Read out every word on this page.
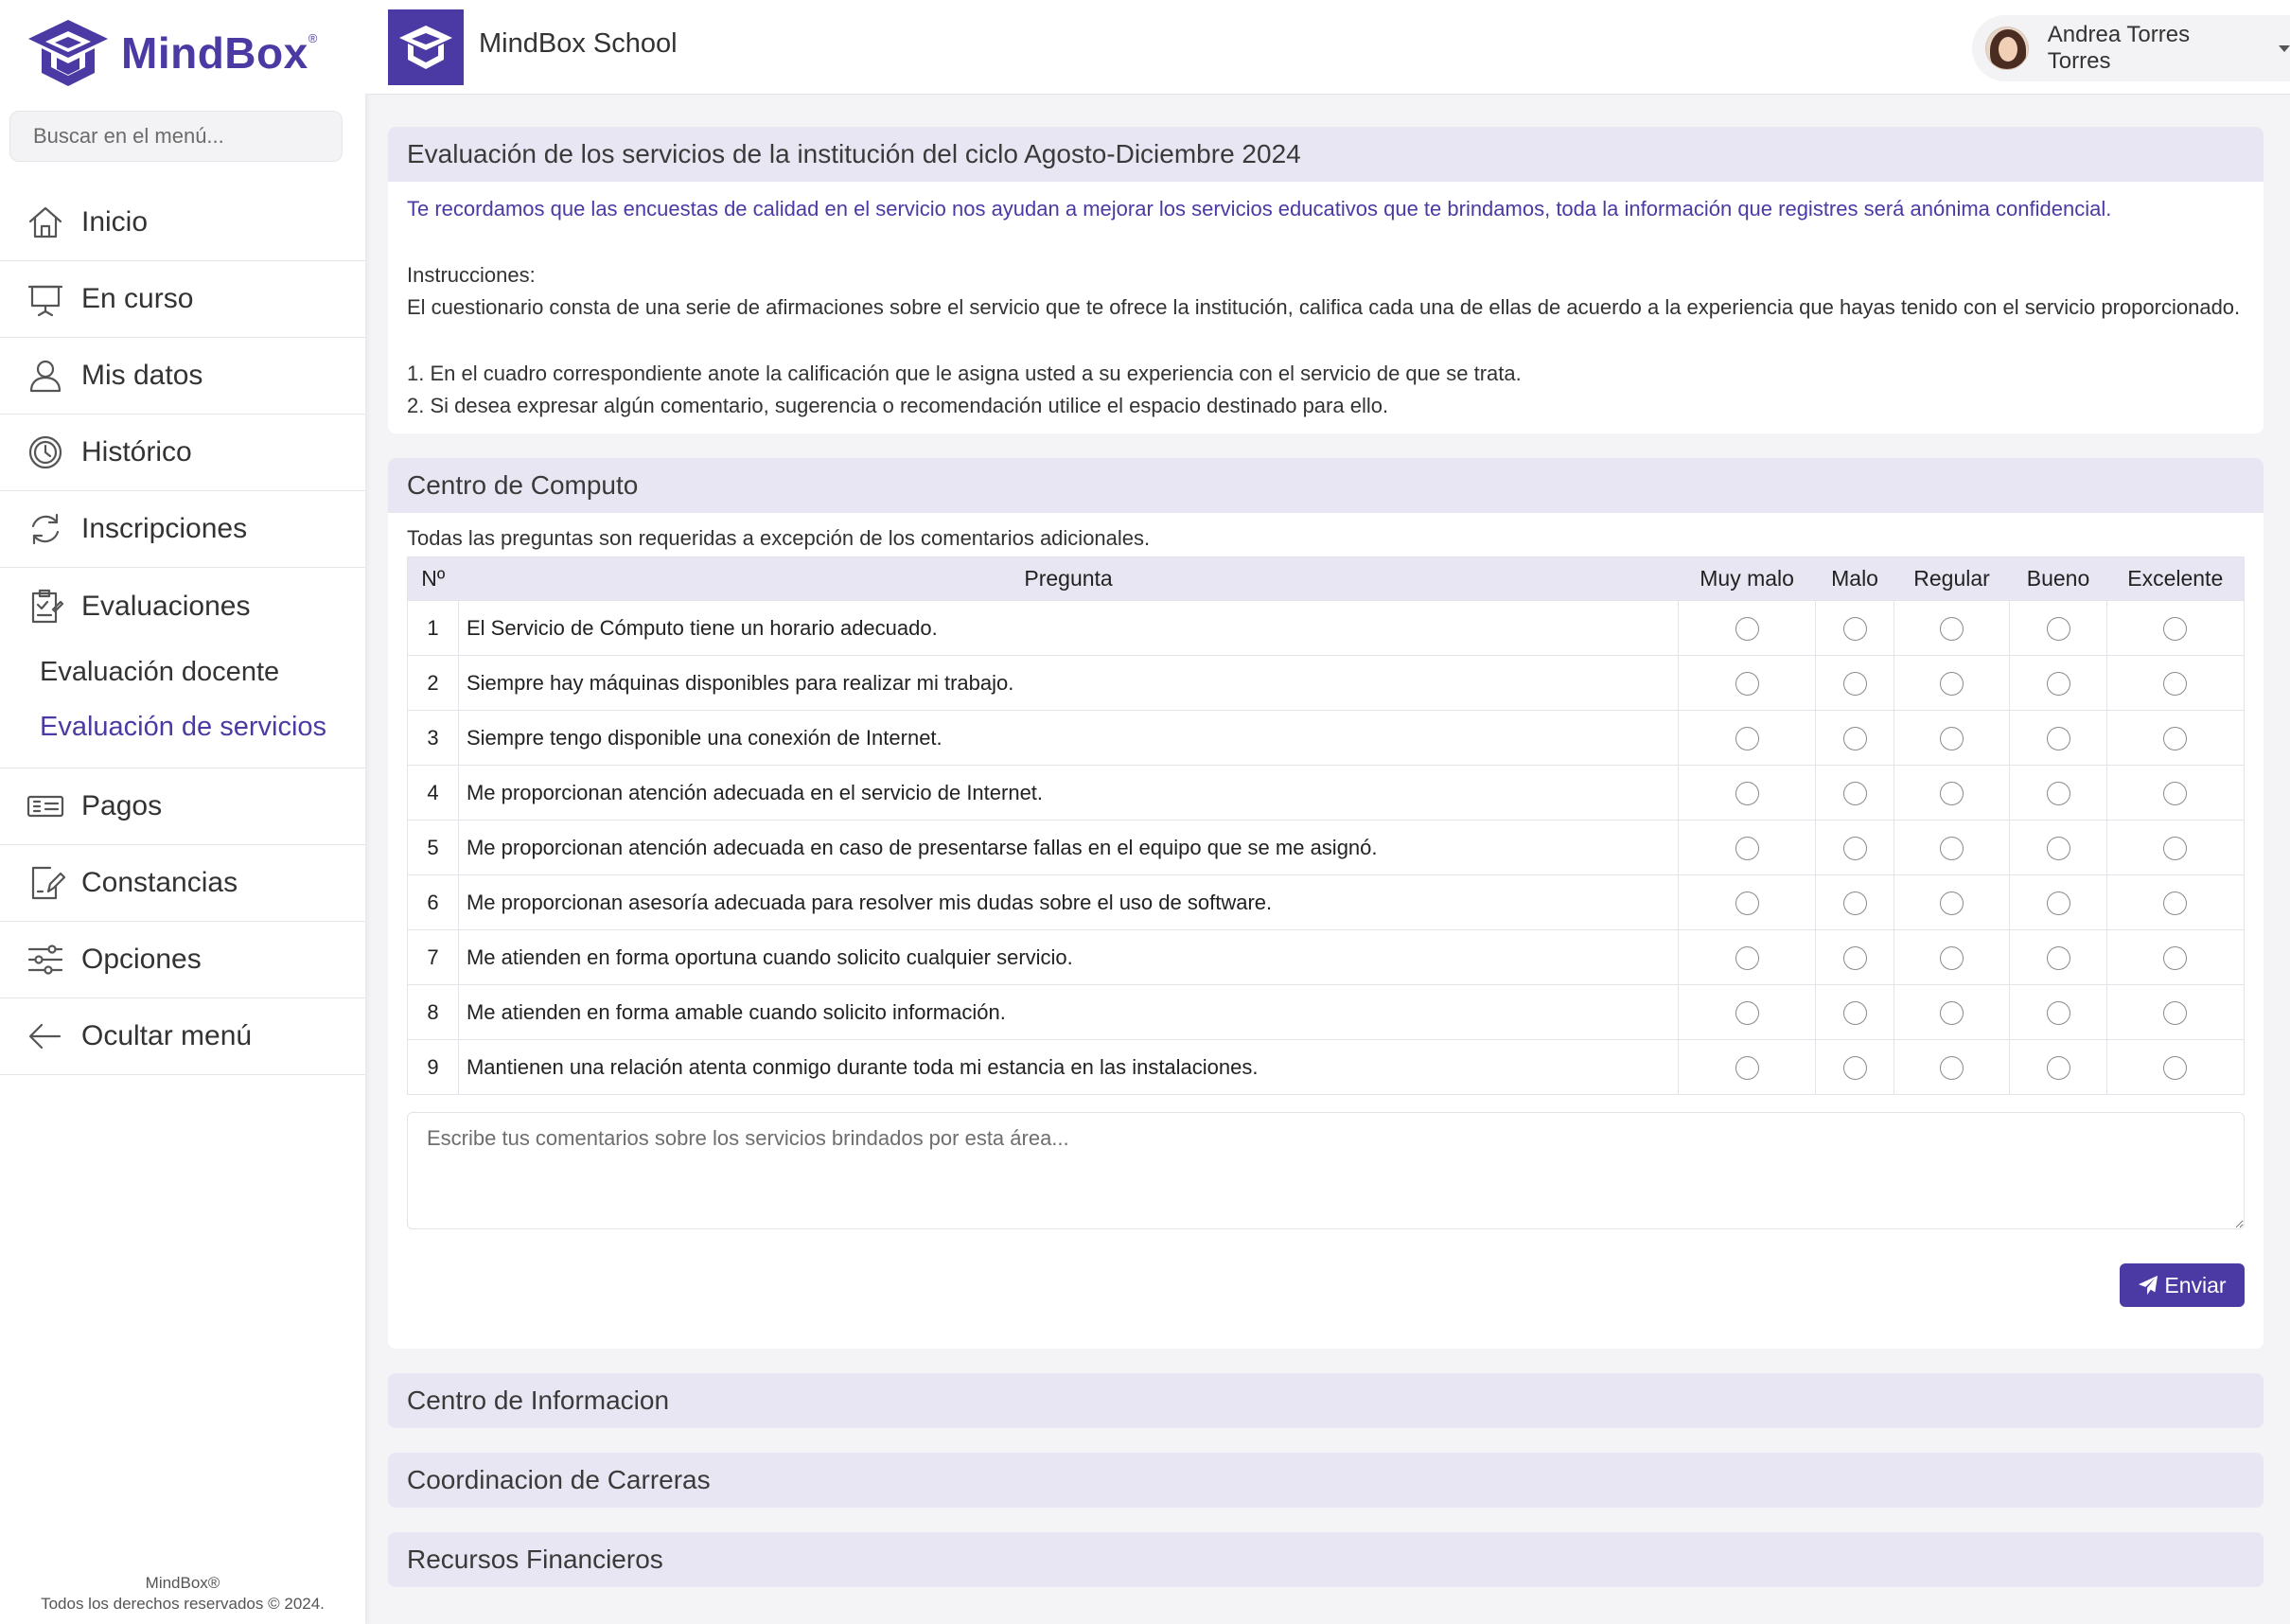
MindBox®
Buscar en el menú...
Inicio
En curso
Mis datos
Histórico
Inscripciones
Evaluaciones
Evaluación docente
Evaluación de servicios
Pagos
Constancias
Opciones
Ocultar menú
MindBox®
Todos los derechos reservados © 2024.
MindBox School	Andrea Torres Torres
Evaluación de los servicios de la institución del ciclo Agosto-Diciembre 2024

Te recordamos que las encuestas de calidad en el servicio nos ayudan a mejorar los servicios educativos que te brindamos, toda la información que registres será anónima confidencial.

Instrucciones:

El cuestionario consta de una serie de afirmaciones sobre el servicio que te ofrece la institución, califica cada una de ellas de acuerdo a la experiencia que hayas tenido con el servicio proporcionado.

1. En el cuadro correspondiente anote la calificación que le asigna usted a su experiencia con el servicio de que se trata.

2. Si desea expresar algún comentario, sugerencia o recomendación utilice el espacio destinado para ello.

Centro de Computo

Todas las preguntas son requeridas a excepción de los comentarios adicionales.

Nº	Pregunta	Muy malo	Malo	Regular	Bueno	Excelente
1	El Servicio de Cómputo tiene un horario adecuado.					
2	Siempre hay máquinas disponibles para realizar mi trabajo.					
3	Siempre tengo disponible una conexión de Internet.					
4	Me proporcionan atención adecuada en el servicio de Internet.					
5	Me proporcionan atención adecuada en caso de presentarse fallas en el equipo que se me asignó.					
6	Me proporcionan asesoría adecuada para resolver mis dudas sobre el uso de software.					
7	Me atienden en forma oportuna cuando solicito cualquier servicio.					
8	Me atienden en forma amable cuando solicito información.					
9	Mantienen una relación atenta conmigo durante toda mi estancia en las instalaciones.					
Escribe tus comentarios sobre los servicios brindados por esta área...
Enviar
Centro de Informacion
Coordinacion de Carreras
Recursos Financieros
